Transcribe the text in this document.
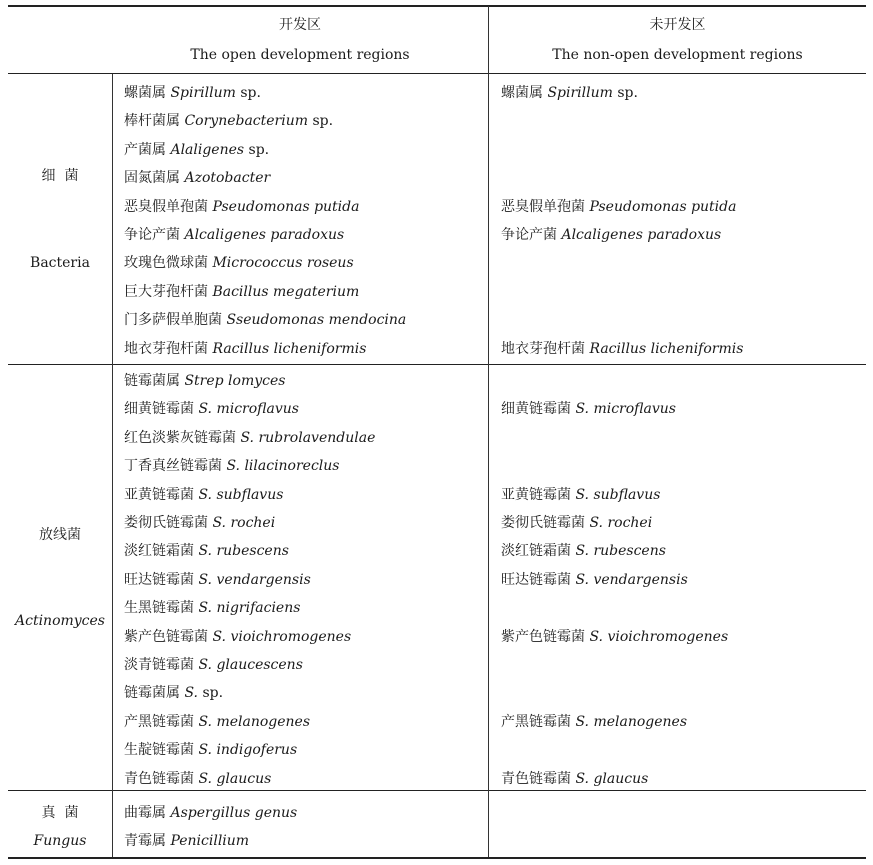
开发区
The open development regions
未开发区
The non-open development regions
细  菌
Bacteria
放线菌
Actinomyces
真  菌
Fungus
螺菌属 Spirillum sp.
棒杆菌属 Corynebacterium sp.
产菌属 Alaligenes sp.
固氮菌属 Azotobacter
恶臭假单孢菌 Pseudomonas putida
争论产菌 Alcaligenes paradoxus
玫瑰色微球菌 Micrococcus roseus
巨大芽孢杆菌 Bacillus megaterium
门多萨假单胞菌 Sseudomonas mendocina
地衣芽孢杆菌 Racillus licheniformis
螺菌属 Spirillum sp.
恶臭假单孢菌 Pseudomonas putida
争论产菌 Alcaligenes paradoxus
地衣芽孢杆菌 Racillus licheniformis
链霉菌属 Strep lomyces
细黄链霉菌 S. microflavus
红色淡紫灰链霉菌 S. rubrolavendulae
丁香真丝链霉菌 S. lilacinoreclus
亚黄链霉菌 S. subflavus
娄彻氏链霉菌 S. rochei
淡红链霜菌 S. rubescens
旺达链霉菌 S. vendargensis
生黑链霉菌 S. nigrifaciens
紫产色链霉菌 S. vioichromogenes
淡青链霉菌 S. glaucescens
链霉菌属 S. sp.
产黑链霉菌 S. melanogenes
生靛链霉菌 S. indigoferus
青色链霉菌 S. glaucus
细黄链霉菌 S. microflavus
亚黄链霉菌 S. subflavus
娄彻氏链霉菌 S. rochei
淡红链霜菌 S. rubescens
旺达链霉菌 S. vendargensis
紫产色链霉菌 S. vioichromogenes
产黑链霉菌 S. melanogenes
青色链霉菌 S. glaucus
曲霉属 Aspergillus genus
青霉属 Penicillium
